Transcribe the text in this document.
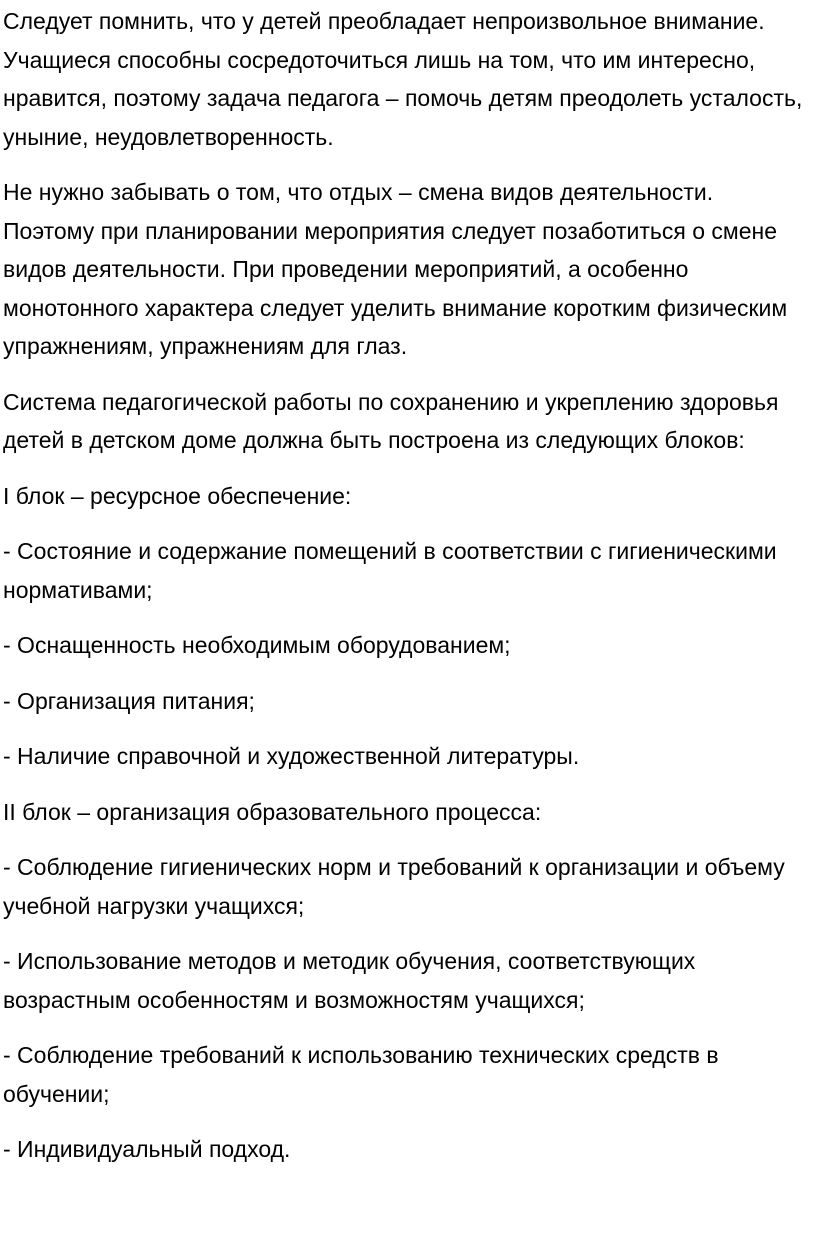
Следует помнить, что у детей преобладает непроизвольное внимание. Учащиеся способны сосредоточиться лишь на том, что им интересно, нравится, поэтому задача педагога – помочь детям преодолеть усталость, уныние, неудовлетворенность.

Не нужно забывать о том, что отдых – смена видов деятельности. Поэтому при планировании мероприятия следует позаботиться о смене видов деятельности. При проведении мероприятий, а особенно монотонного характера следует уделить внимание коротким физическим упражнениям, упражнениям для глаз.

Система педагогической работы по сохранению и укреплению здоровья детей в детском доме должна быть построена из следующих блоков:

I блок – ресурсное обеспечение:

- Состояние и содержание помещений в соответствии с гигиеническими нормативами;

- Оснащенность необходимым оборудованием;

- Организация питания;

- Наличие справочной и художественной литературы.

II блок – организация образовательного процесса:

- Соблюдение гигиенических норм и требований к организации и объему учебной нагрузки учащихся;

- Использование методов и методик обучения, соответствующих возрастным особенностям и возможностям учащихся;

- Соблюдение требований к использованию технических средств в обучении;

- Индивидуальный подход.
